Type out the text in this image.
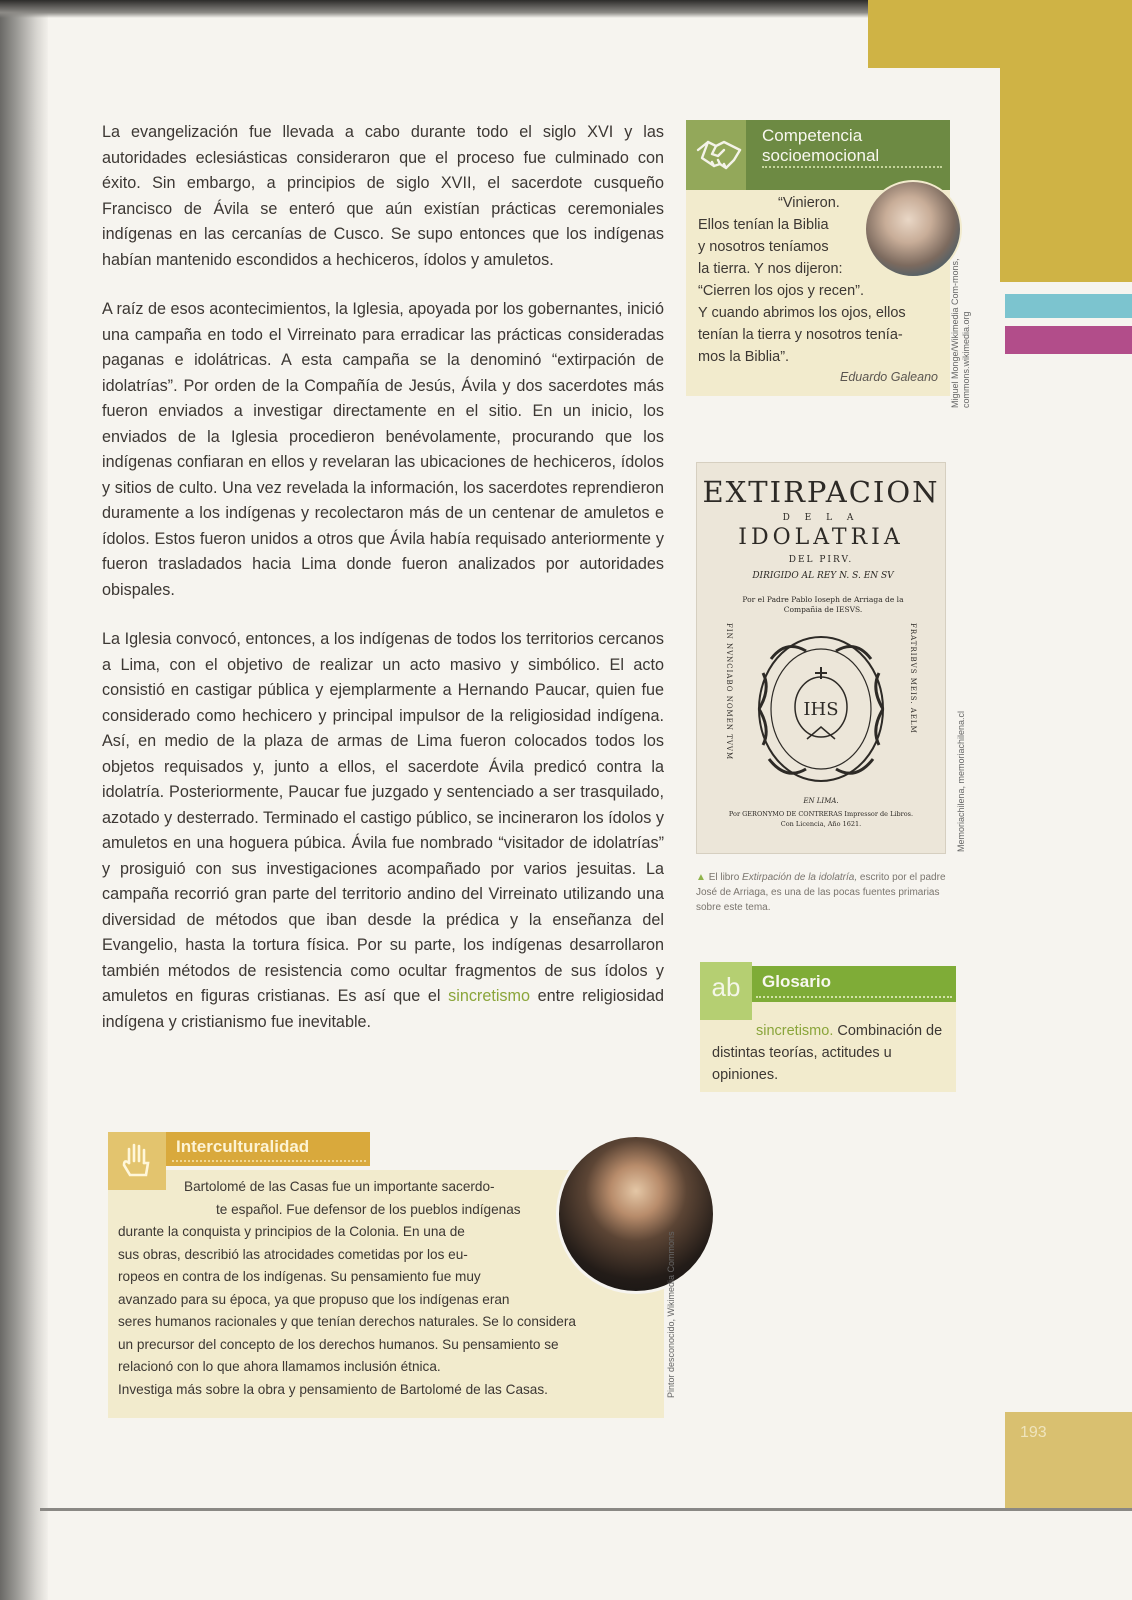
193

La evangelización fue llevada a cabo durante todo el siglo XVI y las autoridades eclesiásticas consideraron que el proceso fue culminado con éxito. Sin embargo, a principios de siglo XVII, el sacerdote cusqueño Francisco de Ávila se enteró que aún existían prácticas ceremoniales indígenas en las cercanías de Cusco. Se supo entonces que los indígenas habían mantenido escondidos a hechiceros, ídolos y amuletos.

A raíz de esos acontecimientos, la Iglesia, apoyada por los gobernantes, inició una campaña en todo el Virreinato para erradicar las prácticas consideradas paganas e idolátricas. A esta campaña se la denominó “extirpación de idolatrías”. Por orden de la Compañía de Jesús, Ávila y dos sacerdotes más fueron enviados a investigar directamente en el sitio. En un inicio, los enviados de la Iglesia procedieron benévolamente, procurando que los indígenas confiaran en ellos y revelaran las ubicaciones de hechiceros, ídolos y sitios de culto. Una vez revelada la información, los sacerdotes reprendieron duramente a los indígenas y recolectaron más de un centenar de amuletos e ídolos. Estos fueron unidos a otros que Ávila había requisado anteriormente y fueron trasladados hacia Lima donde fueron analizados por autoridades obispales.

La Iglesia convocó, entonces, a los indígenas de todos los territorios cercanos a Lima, con el objetivo de realizar un acto masivo y simbólico. El acto consistió en castigar pública y ejemplarmente a Hernando Paucar, quien fue considerado como hechicero y principal impulsor de la religiosidad indígena. Así, en medio de la plaza de armas de Lima fueron colocados todos los objetos requisados y, junto a ellos, el sacerdote Ávila predicó contra la idolatría. Posteriormente, Paucar fue juzgado y sentenciado a ser trasquilado, azotado y desterrado. Terminado el castigo público, se incineraron los ídolos y amuletos en una hoguera púbica. Ávila fue nombrado “visitador de idolatrías” y prosiguió con sus investigaciones acompañado por varios jesuitas. La campaña recorrió gran parte del territorio andino del Virreinato utilizando una diversidad de métodos que iban desde la prédica y la enseñanza del Evangelio, hasta la tortura física. Por su parte, los indígenas desarrollaron también métodos de resistencia como ocultar fragmentos de sus ídolos y amuletos en figuras cristianas. Es así que el sincretismo entre religiosidad indígena y cristianismo fue inevitable.

Competencia

socioemocional
“Vinieron.
Ellos tenían la Biblia
y nosotros teníamos
la tierra. Y nos dijeron:
“Cierren los ojos y recen”.
Y cuando abrimos los ojos, ellos
tenían la tierra y nosotros tenía-
mos la Biblia”.
Eduardo Galeano Miguel Monge/Wikimedia Com-mons, commons.wikimedia.org
EXTIRPACION
D E L A
IDOLATRIA
DEL PIRV.
DIRIGIDO AL REY N. S. EN SV
Por el Padre Pablo Ioseph de Arriaga de la
Compañia de IESVS.
FIN NVNCIABO NOMEN TVVM	FRATRIBVS MEIS. AELM
IHS
EN LIMA.
Por GERONYMO DE CONTRERAS Impressor de Libros.
Con Licencia, Año 1621.	Memoriachilena, memoriachilena.cl
▲ El libro Extirpación de la idolatría, escrito por el padre José de Arriaga, es una de las pocas fuentes primarias sobre este tema.
Glosario
ab
sincretismo. Combinación de distintas teorías, actitudes u opiniones.
Interculturalidad
Bartolomé de las Casas fue un importante sacerdo-
te español. Fue defensor de los pueblos indígenas
durante la conquista y principios de la Colonia. En una de
sus obras, describió las atrocidades cometidas por los eu-
ropeos en contra de los indígenas. Su pensamiento fue muy
avanzado para su época, ya que propuso que los indígenas eran
seres humanos racionales y que tenían derechos naturales. Se lo considera
un precursor del concepto de los derechos humanos. Su pensamiento se
relacionó con lo que ahora llamamos inclusión étnica.
Investiga más sobre la obra y pensamiento de Bartolomé de las Casas.	Pintor desconocido, Wikimedia Commons
